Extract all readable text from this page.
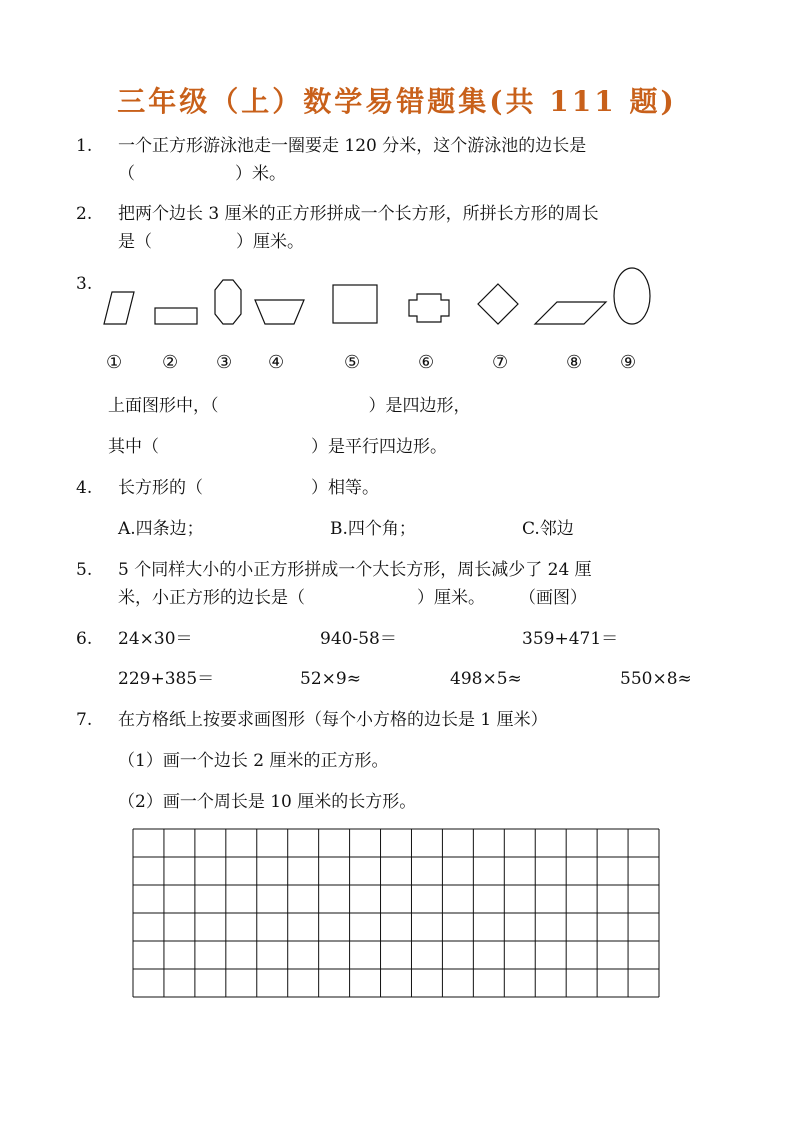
三年级（上）数学易错题集(共 111 题)
1. 一个正方形游泳池走一圈要走 120 分米，这个游泳池的边长是
（	）米。
2. 把两个边长 3 厘米的正方形拼成一个长方形，所拼长方形的周长
是（	）厘米。
3.
① ② ③ ④	⑤	⑥	⑦	⑧ ⑨
上面图形中，（	）是四边形，
其中（	）是平行四边形。
4. 长方形的（	）相等。
A.四条边；	B.四个角；	C.邻边
5. 5 个同样大小的小正方形拼成一个大长方形，周长减少了 24 厘
米，小正方形的边长是（	）厘米。 （画图）
6. 24×30＝	940-58＝	359+471＝
229+385＝	52×9≈	498×5≈	550×8≈
7. 在方格纸上按要求画图形（每个小方格的边长是 1 厘米）
（1）画一个边长 2 厘米的正方形。
（2）画一个周长是 10 厘米的长方形。
